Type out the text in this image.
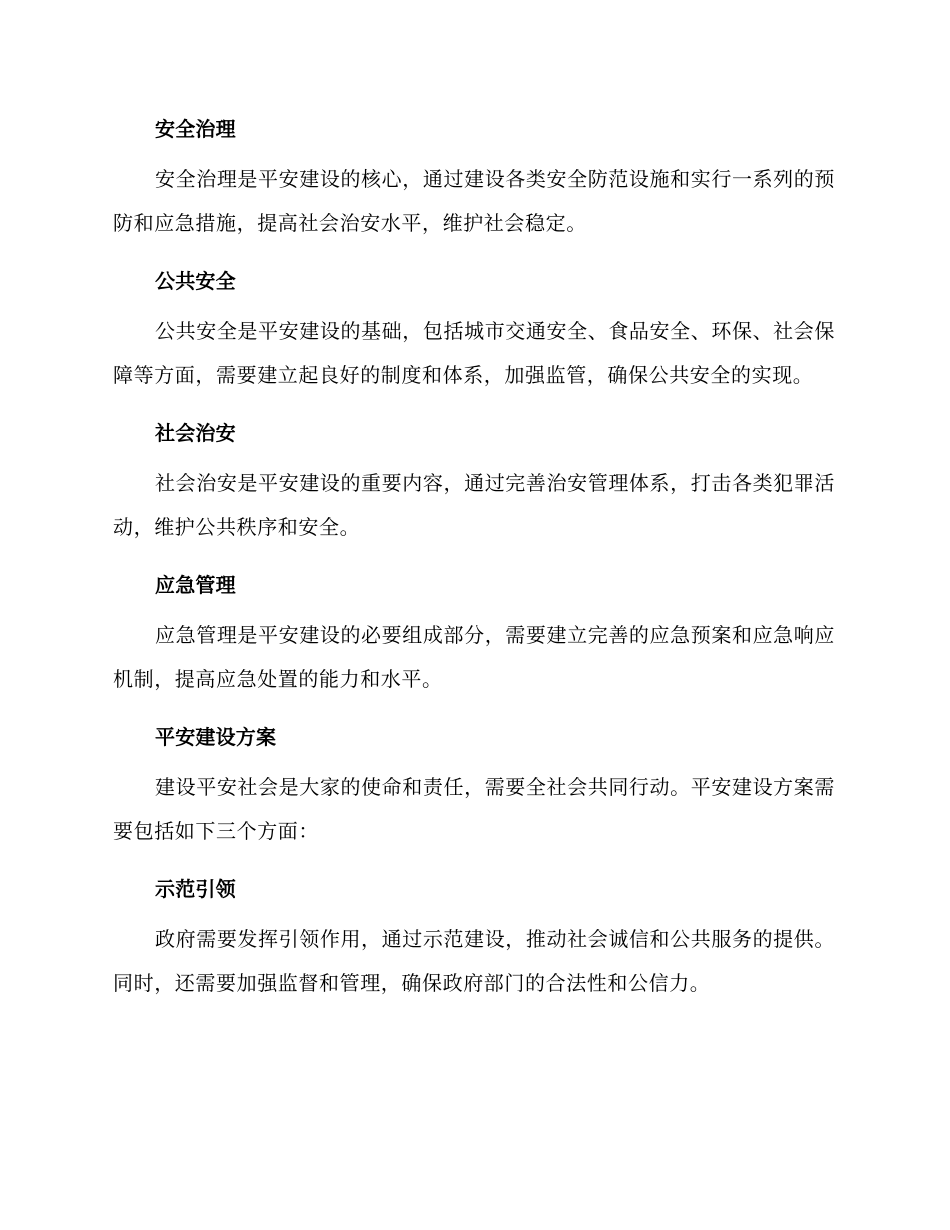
安全治理

安全治理是平安建设的核心，通过建设各类安全防范设施和实行一系列的预防和应急措施，提高社会治安水平，维护社会稳定。

公共安全

公共安全是平安建设的基础，包括城市交通安全、食品安全、环保、社会保障等方面，需要建立起良好的制度和体系，加强监管，确保公共安全的实现。

社会治安

社会治安是平安建设的重要内容，通过完善治安管理体系，打击各类犯罪活动，维护公共秩序和安全。

应急管理

应急管理是平安建设的必要组成部分，需要建立完善的应急预案和应急响应机制，提高应急处置的能力和水平。

平安建设方案

建设平安社会是大家的使命和责任，需要全社会共同行动。平安建设方案需要包括如下三个方面：

示范引领

政府需要发挥引领作用，通过示范建设，推动社会诚信和公共服务的提供。同时，还需要加强监督和管理，确保政府部门的合法性和公信力。
